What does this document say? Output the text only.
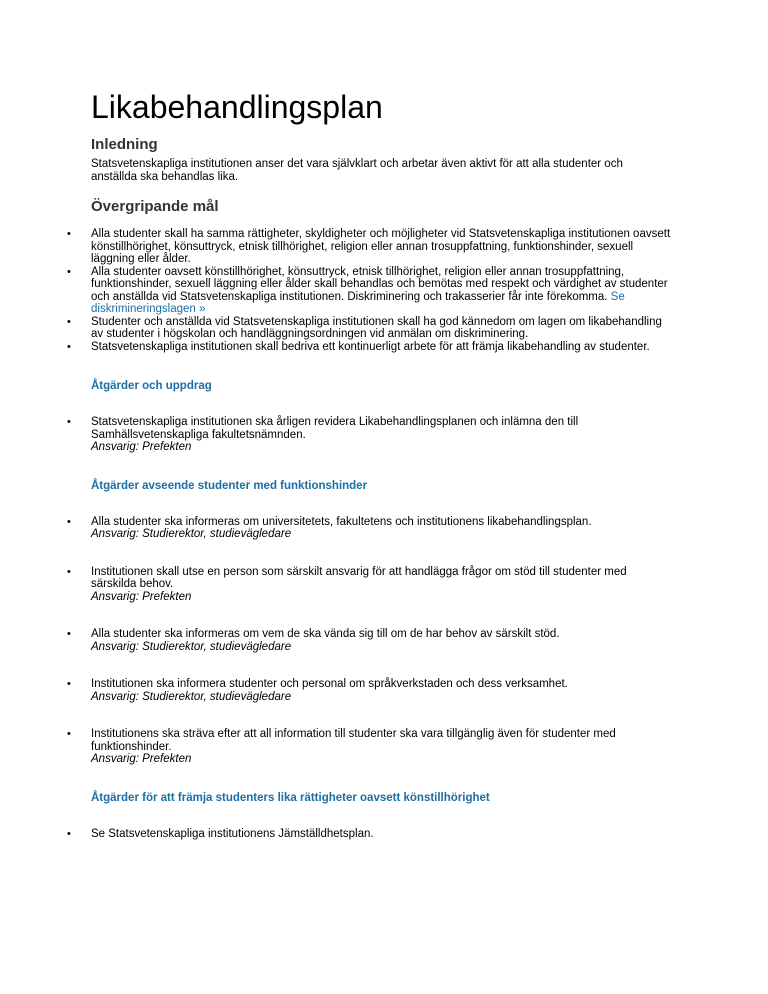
Likabehandlingsplan
Inledning

Statsvetenskapliga institutionen anser det vara självklart och arbetar även aktivt för att alla studenter och anställda ska behandlas lika.

Övergripande mål
• Alla studenter skall ha samma rättigheter, skyldigheter och möjligheter vid Statsvetenskapliga institutionen oavsett könstillhörighet, könsuttryck, etnisk tillhörighet, religion eller annan trosuppfattning, funktionshinder, sexuell läggning eller ålder.
• Alla studenter oavsett könstillhörighet, könsuttryck, etnisk tillhörighet, religion eller annan trosuppfattning, funktionshinder, sexuell läggning eller ålder skall behandlas och bemötas med respekt och värdighet av studenter och anställda vid Statsvetenskapliga institutionen. Diskriminering och trakasserier får inte förekomma. Se diskrimineringslagen »
• Studenter och anställda vid Statsvetenskapliga institutionen skall ha god kännedom om lagen om likabehandling av studenter i högskolan och handläggningsordningen vid anmälan om diskriminering.
• Statsvetenskapliga institutionen skall bedriva ett kontinuerligt arbete för att främja likabehandling av studenter.
Åtgärder och uppdrag
• Statsvetenskapliga institutionen ska årligen revidera Likabehandlingsplanen och inlämna den till Samhällsvetenskapliga fakultetsnämnden.
Ansvarig: Prefekten
Åtgärder avseende studenter med funktionshinder
• Alla studenter ska informeras om universitetets, fakultetens och institutionens likabehandlingsplan.
Ansvarig: Studierektor, studievägledare
• Institutionen skall utse en person som särskilt ansvarig för att handlägga frågor om stöd till studenter med särskilda behov.
Ansvarig: Prefekten
• Alla studenter ska informeras om vem de ska vända sig till om de har behov av särskilt stöd.
Ansvarig: Studierektor, studievägledare
• Institutionen ska informera studenter och personal om språkverkstaden och dess verksamhet.
Ansvarig: Studierektor, studievägledare
• Institutionens ska sträva efter att all information till studenter ska vara tillgänglig även för studenter med funktionshinder.
Ansvarig: Prefekten
Åtgärder för att främja studenters lika rättigheter oavsett könstillhörighet
• Se Statsvetenskapliga institutionens Jämställdhetsplan.
